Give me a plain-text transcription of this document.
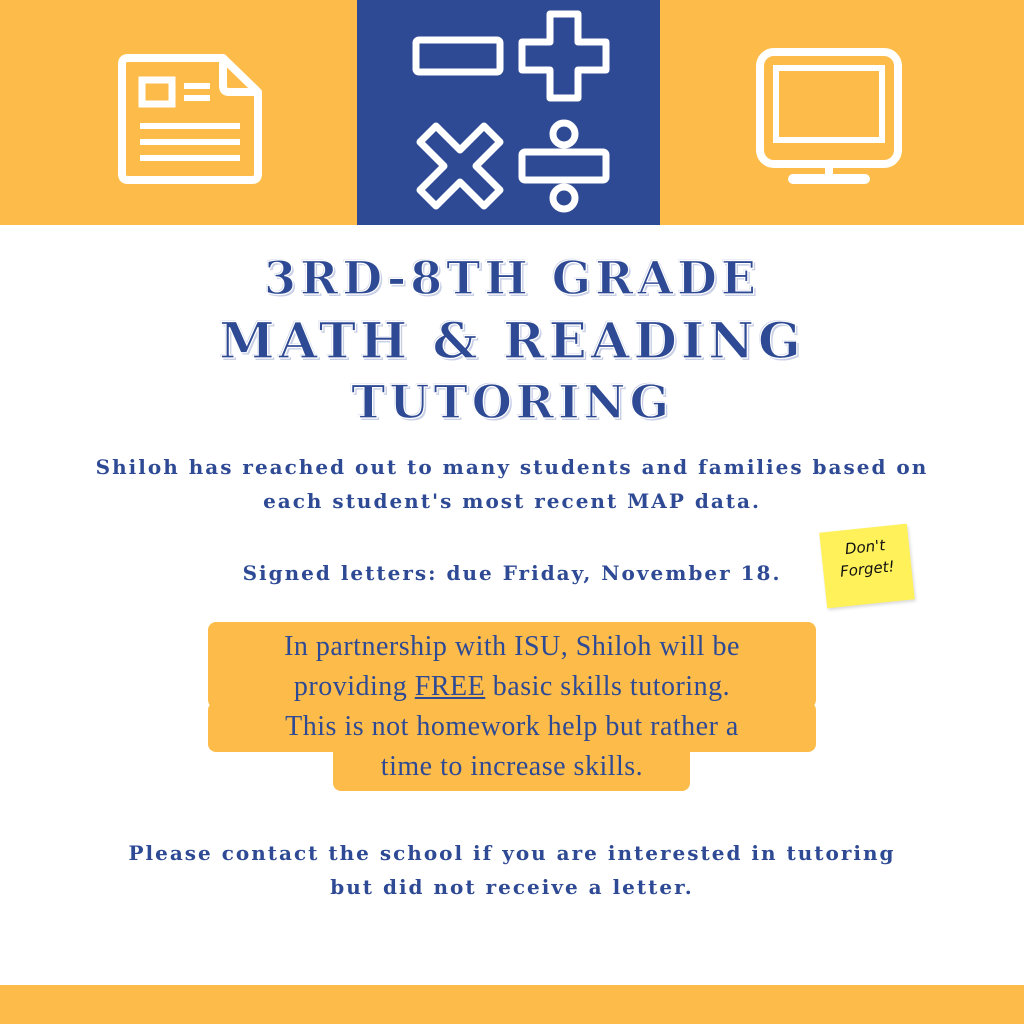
3RD-8TH GRADE
MATH & READING
TUTORING
Shiloh has reached out to many students and families based on
each student's most recent MAP data.
Signed letters: due Friday, November 18.
Don't
Forget!
In partnership with ISU, Shiloh will be
providing FREE basic skills tutoring.
This is not homework help but rather a
time to increase skills.
Please contact the school if you are interested in tutoring
but did not receive a letter.
